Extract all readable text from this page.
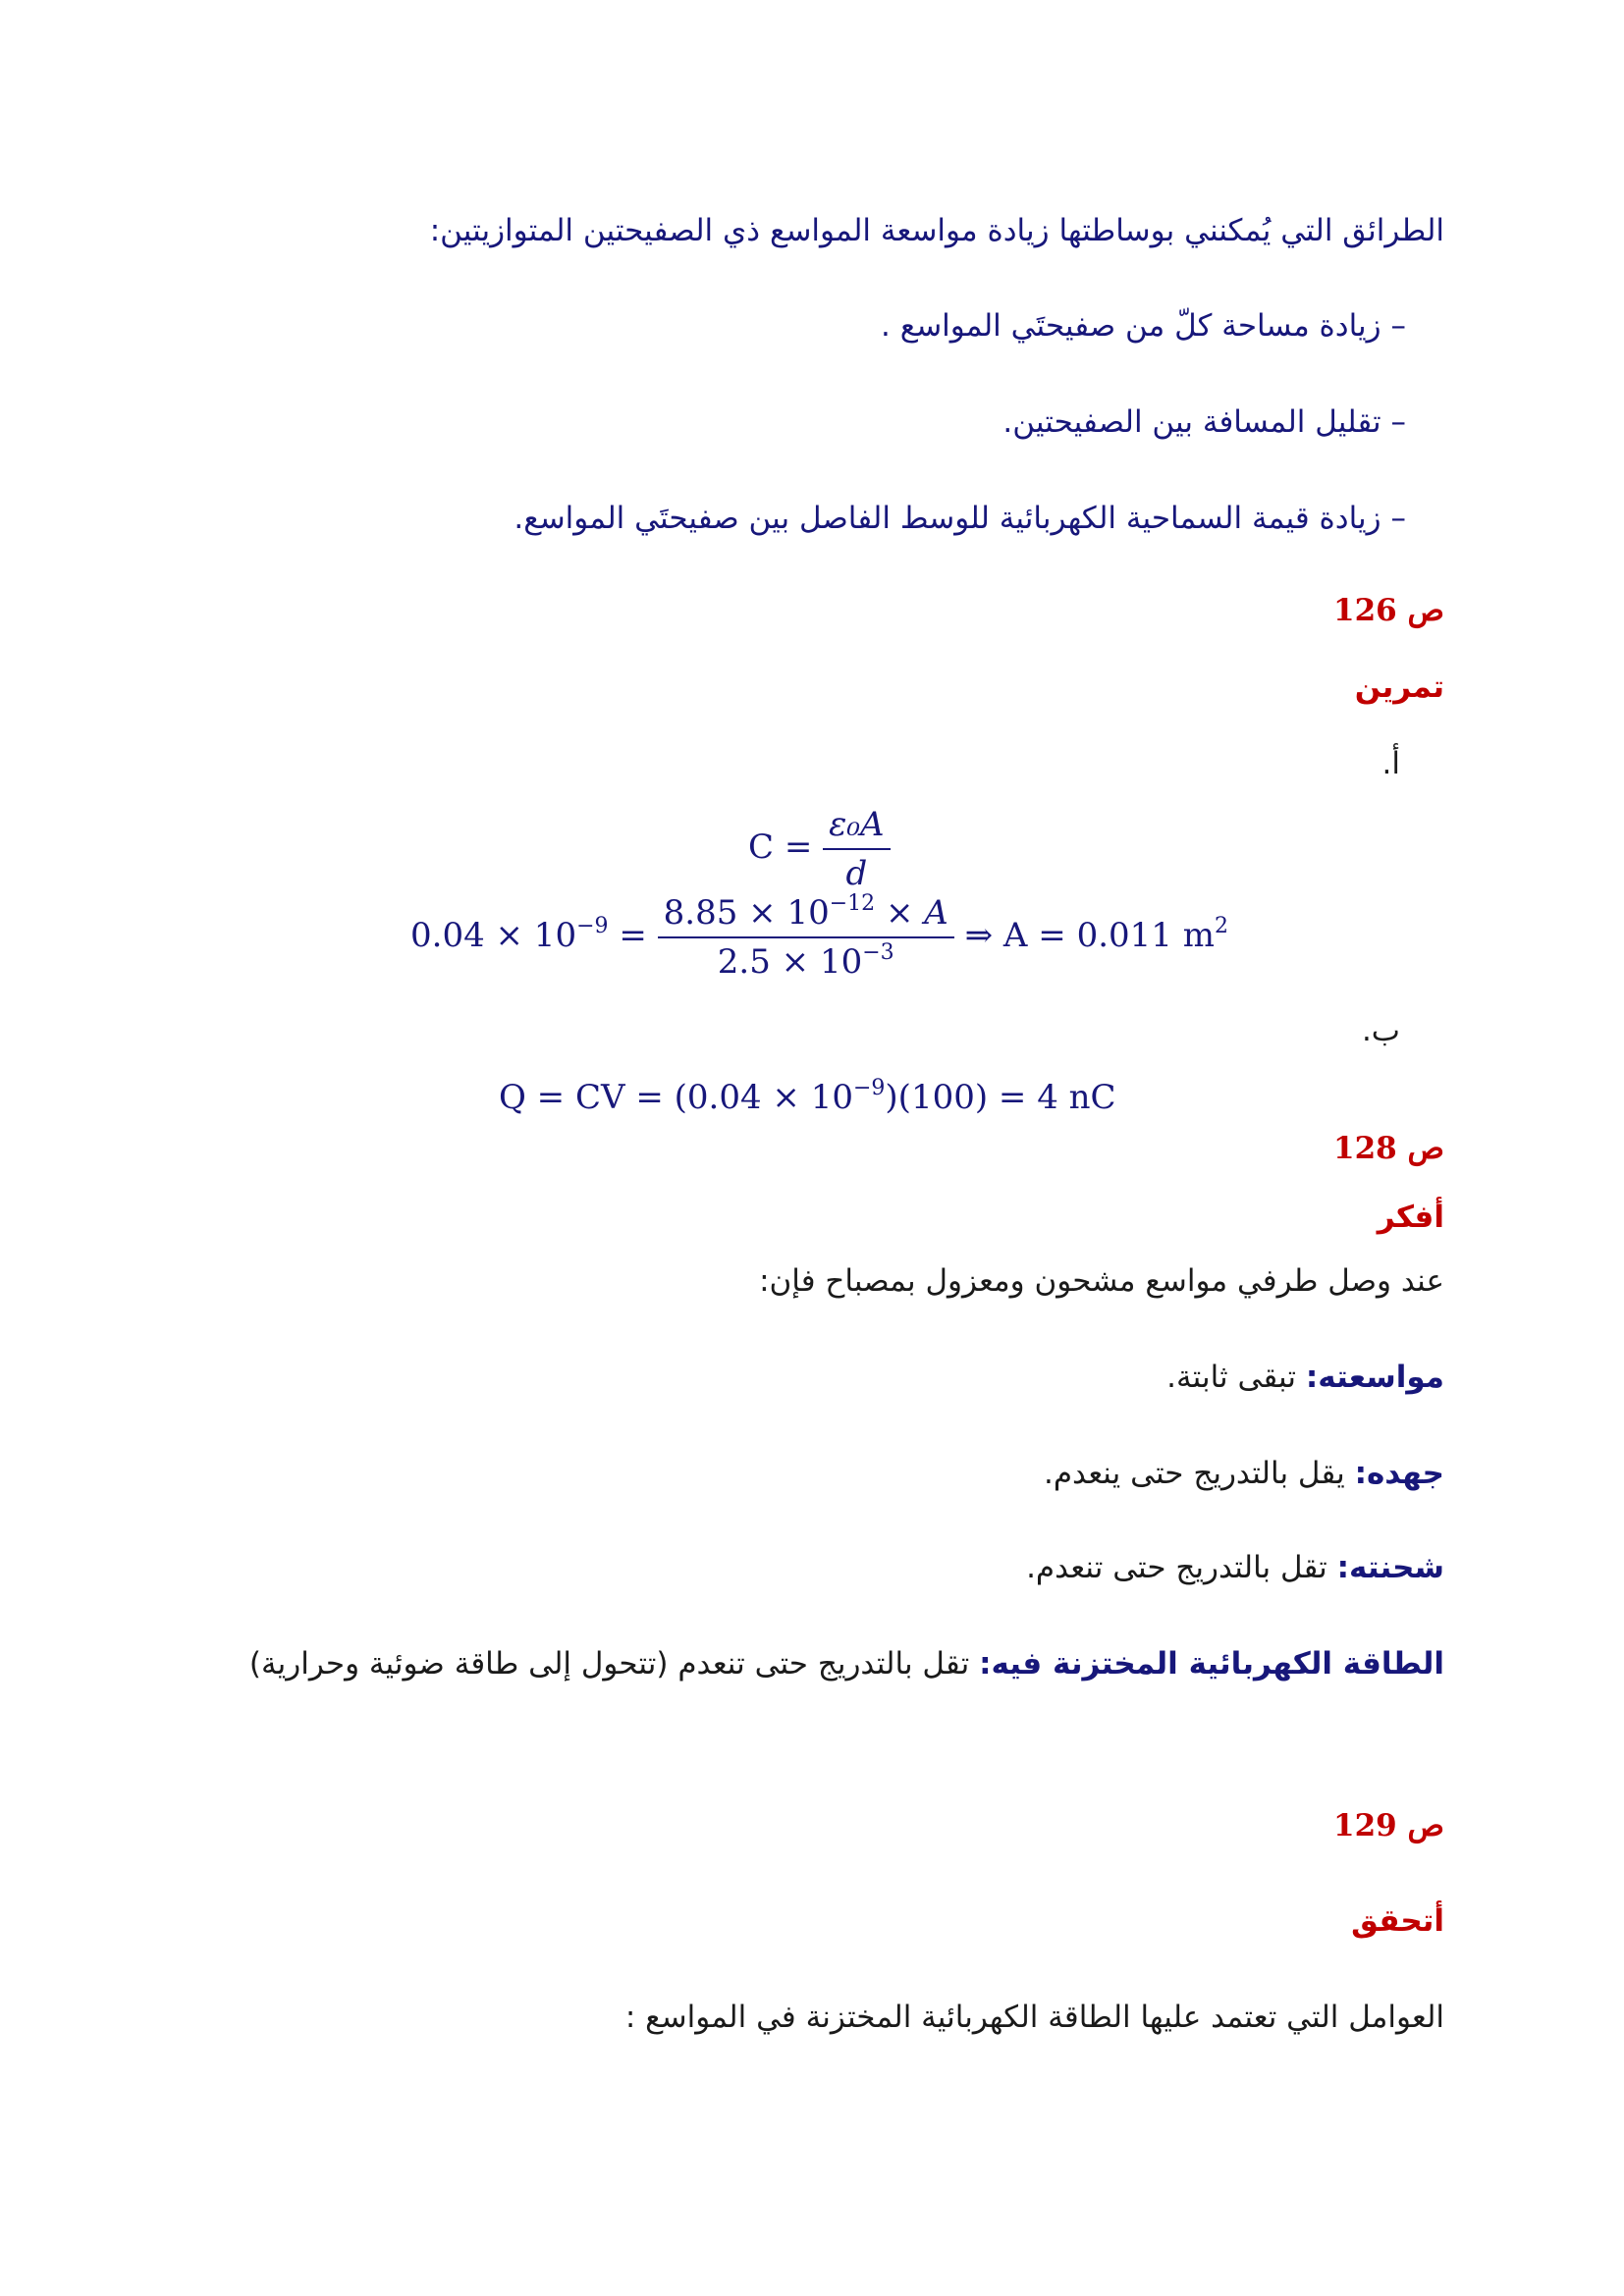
الطرائق التي يُمكنني بوساطتها زيادة مواسعة المواسع ذي الصفيحتين المتوازيتين:
– زيادة مساحة كلّ من صفيحتَي المواسع .
– تقليل المسافة بين الصفيحتين.
– زيادة قيمة السماحية الكهربائية للوسط الفاصل بين صفيحتَي المواسع.
ص 126
تمرين
أ.
$C = \frac{\text{ε₀A}}{d}$
$0.04 \times 10^{-9} = \frac{8.85 \times 10^{-12} \times A}{2.5 \times 10^{-3}}$ ⇒ A = 0.011 $m^2$
ب.
Q = CV = $(0.04 \times 10^{-9})(100) = 4$ nC
ص 128
أفكر
عند وصل طرفي مواسع مشحون ومعزول بمصباح فإن:
مواسعته: تبقى ثابتة.
جهده: يقل بالتدريج حتى ينعدم.
شحنته: تقل بالتدريج حتى تنعدم.
الطاقة الكهربائية المختزنة فيه: تقل بالتدريج حتى تنعدم (تتحول إلى طاقة ضوئية وحرارية)
ص 129
أتحقق
العوامل التي تعتمد عليها الطاقة الكهربائية المختزنة في المواسع :
